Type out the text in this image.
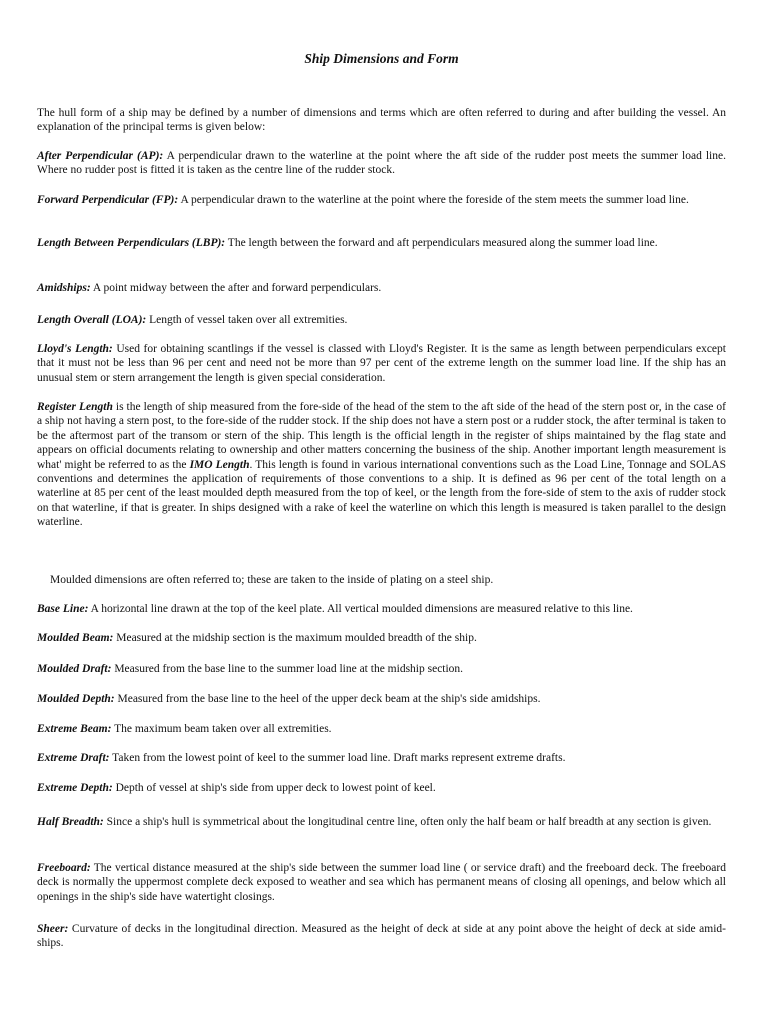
Ship Dimensions and Form

The hull form of a ship may be defined by a number of dimensions and terms which are often referred to during and after building the vessel. An explanation of the principal terms is given below:

After Perpendicular (AP): A perpendicular drawn to the waterline at the point where the aft side of the rudder post meets the summer load line. Where no rudder post is fitted it is taken as the centre line of the rudder stock.

Forward Perpendicular (FP): A perpendicular drawn to the waterline at the point where the foreside of the stem meets the summer load line.

Length Between Perpendiculars (LBP): The length between the forward and aft perpendiculars measured along the summer load line.

Amidships: A point midway between the after and forward perpendiculars.

Length Overall (LOA): Length of vessel taken over all extremities.

Lloyd's Length: Used for obtaining scantlings if the vessel is classed with Lloyd's Register. It is the same as length between perpendiculars except that it must not be less than 96 per cent and need not be more than 97 per cent of the extreme length on the summer load line. If the ship has an unusual stem or stern arrangement the length is given special consideration.

Register Length is the length of ship measured from the fore-side of the head of the stem to the aft side of the head of the stern post or, in the case of a ship not having a stern post, to the fore-side of the rudder stock. If the ship does not have a stern post or a rudder stock, the after terminal is taken to be the aftermost part of the transom or stern of the ship. This length is the official length in the register of ships maintained by the flag state and appears on official documents relating to ownership and other matters concerning the business of the ship. Another important length measurement is what' might be referred to as the IMO Length. This length is found in various international conventions such as the Load Line, Tonnage and SOLAS conventions and determines the application of requirements of those conventions to a ship. It is defined as 96 per cent of the total length on a waterline at 85 per cent of the least moulded depth measured from the top of keel, or the length from the fore-side of stem to the axis of rudder stock on that waterline, if that is greater. In ships designed with a rake of keel the waterline on which this length is measured is taken parallel to the design waterline.

Moulded dimensions are often referred to; these are taken to the inside of plating on a steel ship.

Base Line: A horizontal line drawn at the top of the keel plate. All vertical moulded dimensions are measured relative to this line.

Moulded Beam: Measured at the midship section is the maximum moulded breadth of the ship.

Moulded Draft: Measured from the base line to the summer load line at the midship section.

Moulded Depth: Measured from the base line to the heel of the upper deck beam at the ship's side amidships.

Extreme Beam: The maximum beam taken over all extremities.

Extreme Draft: Taken from the lowest point of keel to the summer load line. Draft marks represent extreme drafts.

Extreme Depth: Depth of vessel at ship's side from upper deck to lowest point of keel.

Half Breadth: Since a ship's hull is symmetrical about the longitudinal centre line, often only the half beam or half breadth at any section is given.

Freeboard: The vertical distance measured at the ship's side between the summer load line ( or service draft) and the freeboard deck. The freeboard deck is normally the uppermost complete deck exposed to weather and sea which has permanent means of closing all openings, and below which all openings in the ship's side have watertight closings.

Sheer: Curvature of decks in the longitudinal direction. Measured as the height of deck at side at any point above the height of deck at side amid- ships.
